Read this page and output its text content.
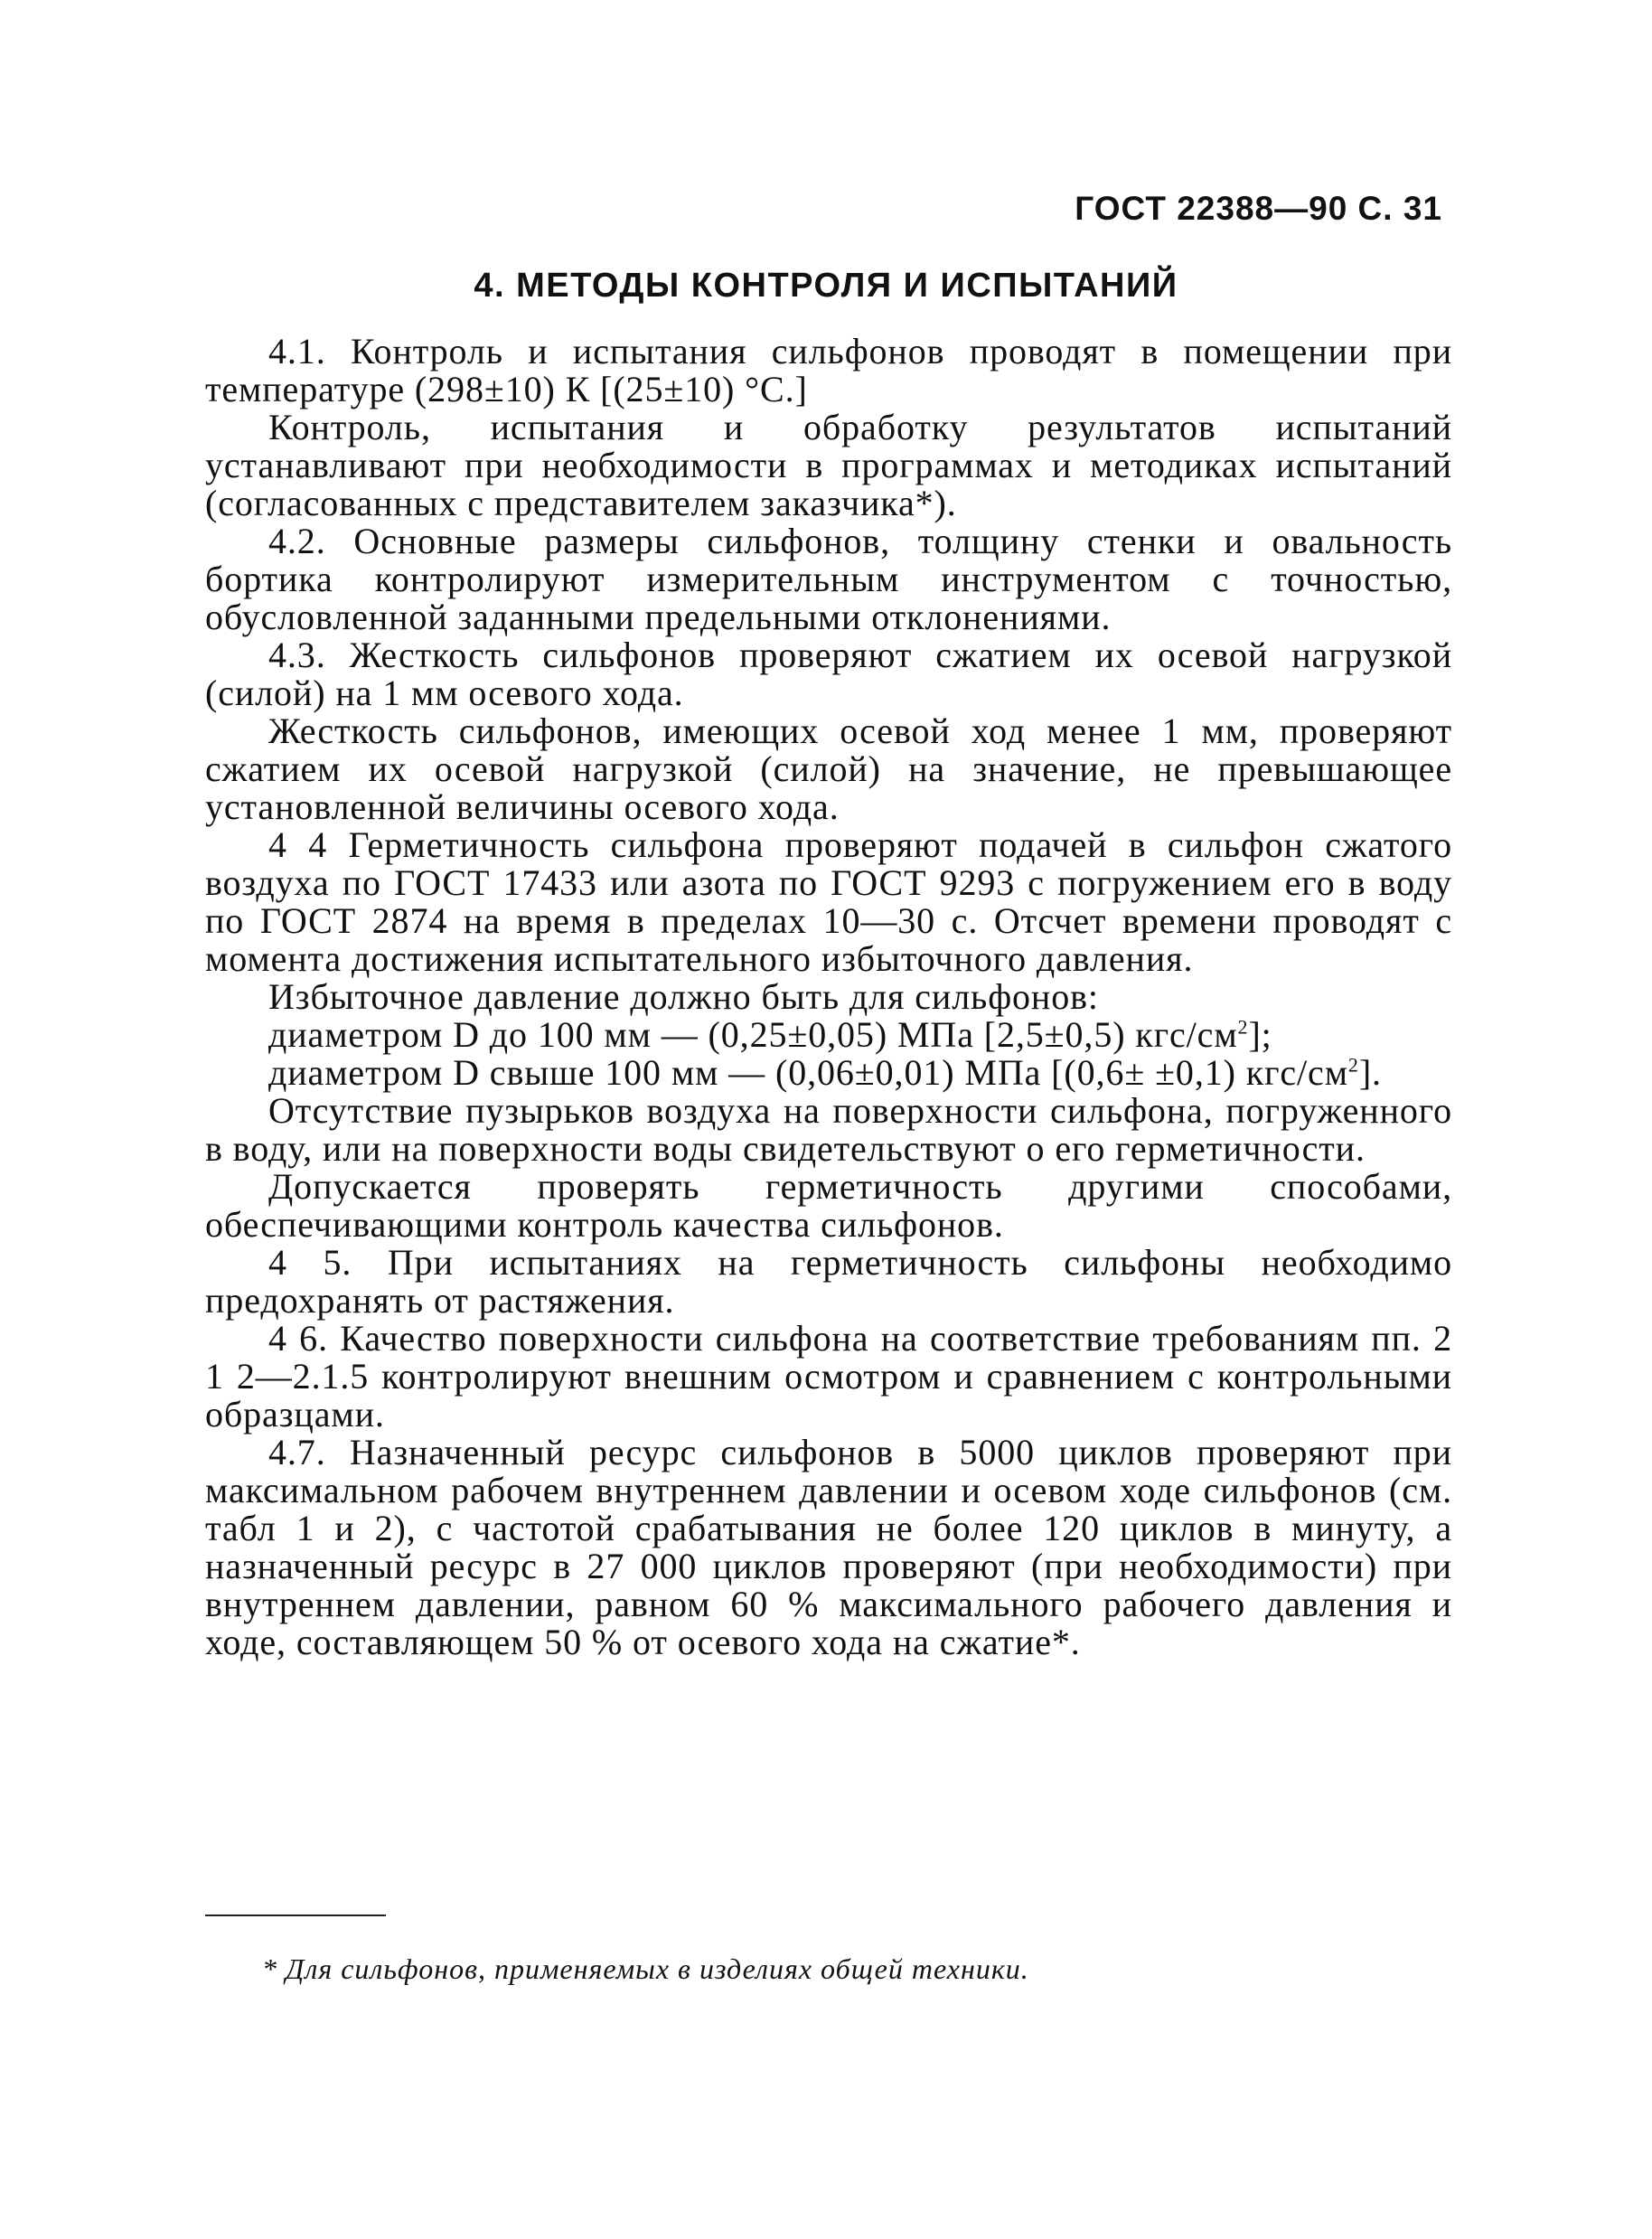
ГОСТ 22388—90 С. 31
4. МЕТОДЫ КОНТРОЛЯ И ИСПЫТАНИЙ

4.1. Контроль и испытания сильфонов проводят в помещении при температуре (298±10) К [(25±10) °С.]

Контроль, испытания и обработку результатов испытаний устанавливают при необходимости в программах и методиках испытаний (согласованных с представителем заказчика*).

4.2. Основные размеры сильфонов, толщину стенки и овальность бортика контролируют измерительным инструментом с точностью, обусловленной заданными предельными отклонениями.

4.3. Жесткость сильфонов проверяют сжатием их осевой нагрузкой (силой) на 1 мм осевого хода.

Жесткость сильфонов, имеющих осевой ход менее 1 мм, проверяют сжатием их осевой нагрузкой (силой) на значение, не превышающее установленной величины осевого хода.

4 4 Герметичность сильфона проверяют подачей в сильфон сжатого воздуха по ГОСТ 17433 или азота по ГОСТ 9293 с погружением его в воду по ГОСТ 2874 на время в пределах 10—30 с. Отсчет времени проводят с момента достижения испытательного избыточного давления.

Избыточное давление должно быть для сильфонов:

диаметром D до 100 мм — (0,25±0,05) МПа [2,5±0,5) кгс/$см^2$];

диаметром D свыше 100 мм — (0,06±0,01) МПа [(0,6± ±0,1) кгс/$см^2$].

Отсутствие пузырьков воздуха на поверхности сильфона, погруженного в воду, или на поверхности воды свидетельствуют о его герметичности.

Допускается проверять герметичность другими способами, обеспечивающими контроль качества сильфонов.

4 5. При испытаниях на герметичность сильфоны необходимо предохранять от растяжения.

4 6. Качество поверхности сильфона на соответствие требованиям пп. 2 1 2—2.1.5 контролируют внешним осмотром и сравнением с контрольными образцами.

4.7. Назначенный ресурс сильфонов в 5000 циклов проверяют при максимальном рабочем внутреннем давлении и осевом ходе сильфонов (см. табл 1 и 2), с частотой срабатывания не более 120 циклов в минуту, а назначенный ресурс в 27 000 циклов проверяют (при необходимости) при внутреннем давлении, равном 60 % максимального рабочего давления и ходе, составляющем 50 % от осевого хода на сжатие*.

* Для сильфонов, применяемых в изделиях общей техники.
